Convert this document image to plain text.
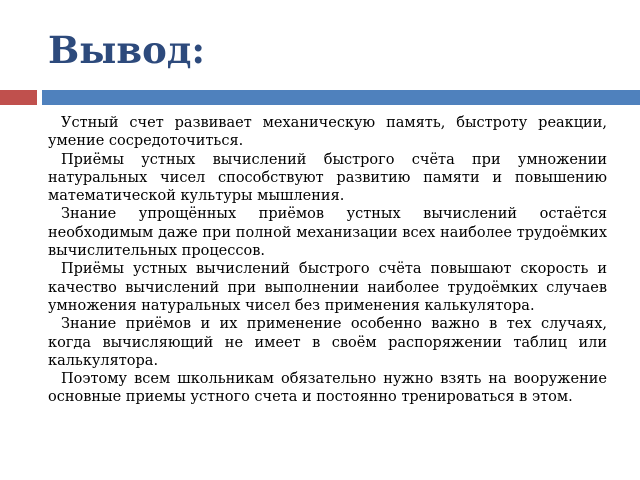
Вывод:

Устный счет развивает механическую память, быстроту реакции, умение сосредоточиться.

Приёмы устных вычислений быстрого счёта при умножении натуральных чисел способствуют развитию памяти и повышению математической культуры мышления.

Знание упрощённых приёмов устных вычислений остаётся необходимым даже при полной механизации всех наиболее трудоёмких вычислительных процессов.

Приёмы устных вычислений быстрого счёта повышают скорость и качество вычислений при выполнении наиболее трудоёмких случаев умножения натуральных чисел без применения калькулятора.

Знание приёмов и их применение особенно важно в тех случаях, когда вычисляющий не имеет в своём распоряжении таблиц или калькулятора.

Поэтому всем школьникам обязательно нужно взять на вооружение основные приемы устного счета и постоянно тренироваться в этом.
